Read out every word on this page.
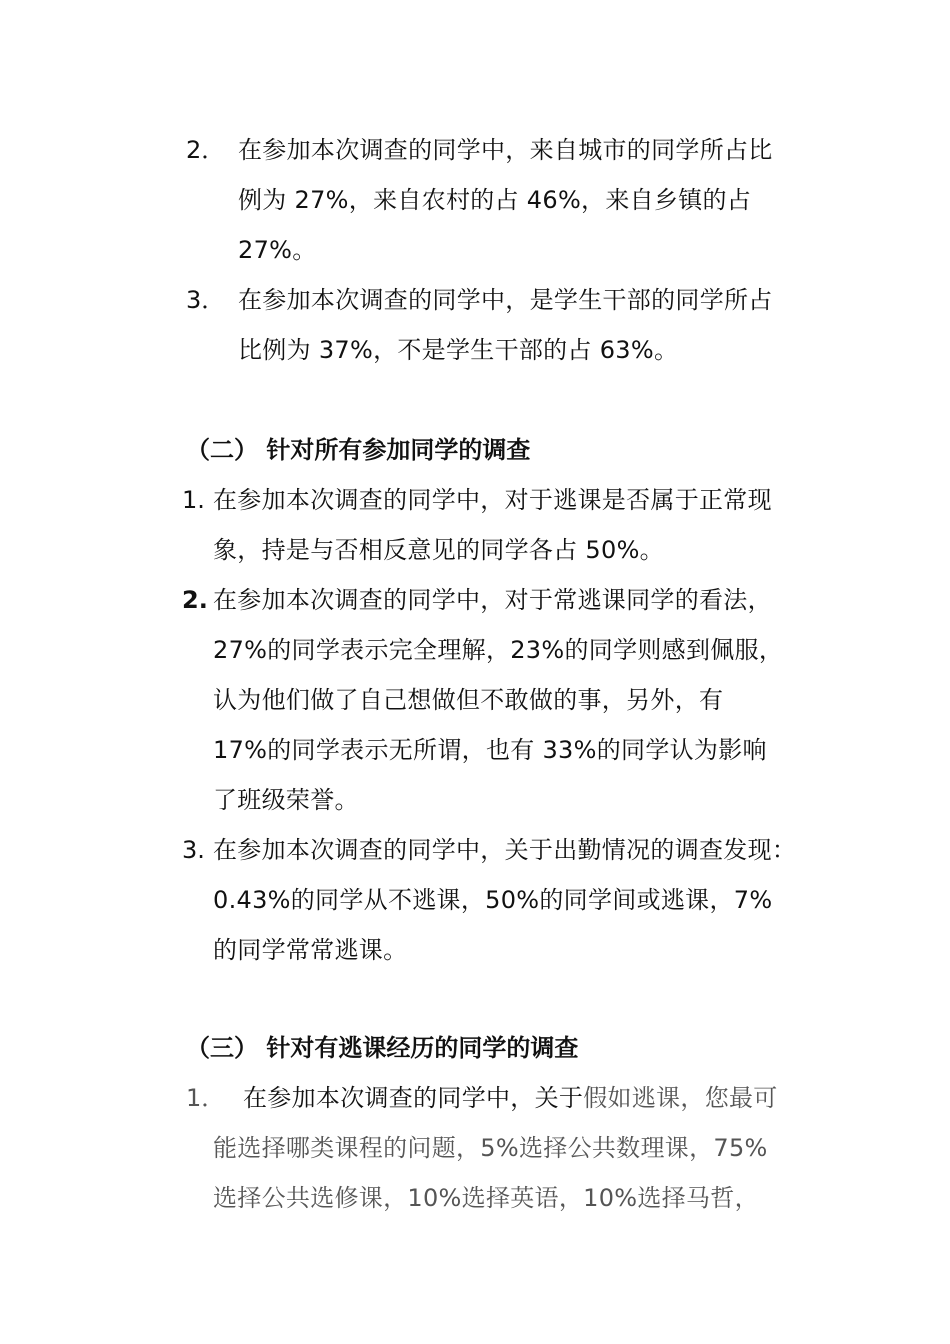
2． 在参加本次调查的同学中，来自城市的同学所占比
例为 27%，来自农村的占 46%，来自乡镇的占
27%。
3． 在参加本次调查的同学中，是学生干部的同学所占
比例为 37%，不是学生干部的占 63%。
（二） 针对所有参加同学的调查
1. 在参加本次调查的同学中，对于逃课是否属于正常现
象，持是与否相反意见的同学各占 50%。
2. 在参加本次调查的同学中，对于常逃课同学的看法，
27%的同学表示完全理解，23%的同学则感到佩服，
认为他们做了自己想做但不敢做的事，另外，有
17%的同学表示无所谓，也有 33%的同学认为影响
了班级荣誉。
3. 在参加本次调查的同学中，关于出勤情况的调查发现：
0.43%的同学从不逃课，50%的同学间或逃课，7%
的同学常常逃课。
（三） 针对有逃课经历的同学的调查
1． 在参加本次调查的同学中，关于假如逃课，您最可
能选择哪类课程的问题，5%选择公共数理课，75%
选择公共选修课，10%选择英语，10%选择马哲，
